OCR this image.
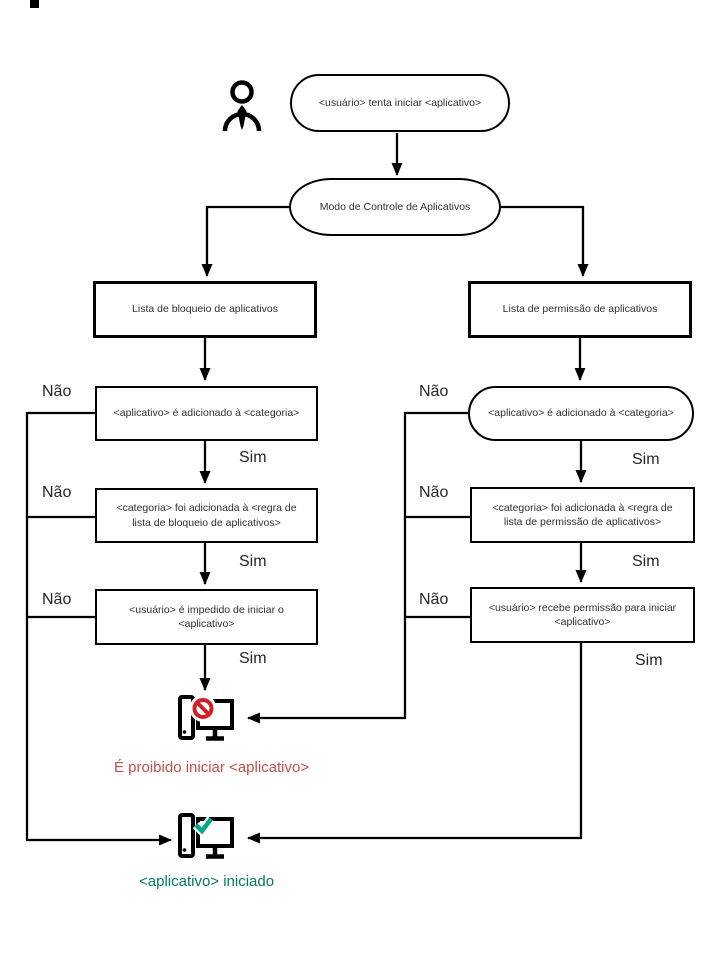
<usuário> tenta iniciar <aplicativo>
Modo de Controle de Aplicativos
Lista de bloqueio de aplicativos	Lista de permissão de aplicativos
<aplicativo> é adicionado à <categoria>	<aplicativo> é adicionado à <categoria>
<categoria> foi adicionada à <regra de lista de bloqueio de aplicativos>
<categoria> foi adicionada à <regra de lista de permissão de aplicativos>
<usuário> é impedido de iniciar o <aplicativo>
<usuário> recebe permissão para iniciar <aplicativo>
Não	Não
Não	Não
Não	Não
Sim	Sim
Sim	Sim
Sim	Sim
É proibido iniciar <aplicativo>
<aplicativo> iniciado
